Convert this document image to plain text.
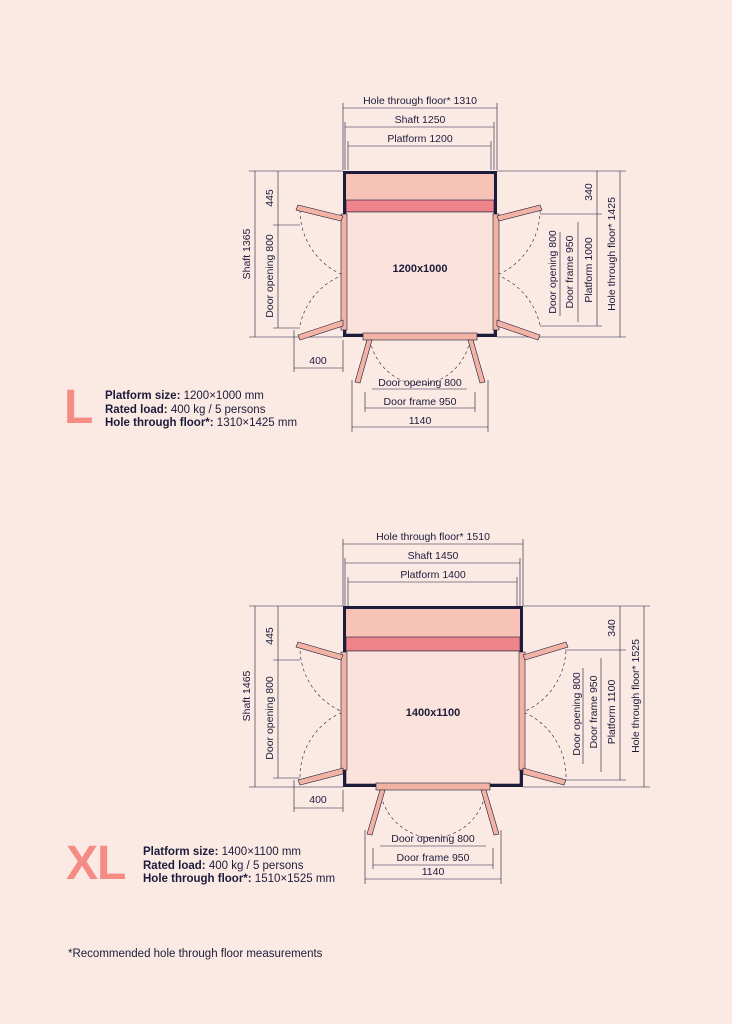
1200x1000
Hole through floor* 1310
Shaft 1250
Platform 1200
Shaft 1365
445
Door opening 800
400
340
Door opening 800 Door frame 950 Platform 1000 Hole through floor* 1425
Door opening 800
Door frame 950
1140
1400x1100
Hole through floor* 1510
Shaft 1450
Platform 1400
Shaft 1465
445
Door opening 800
400
340
Door opening 800 Door frame 950 Platform 1100 Hole through floor* 1525
Door opening 800
Door frame 950
1140
L Platform size: 1200×1000 mm
Rated load: 400 kg / 5 persons
Hole through floor*: 1310×1425 mm
XL Platform size: 1400×1100 mm
Rated load: 400 kg / 5 persons
Hole through floor*: 1510×1525 mm
*Recommended hole through floor measurements
